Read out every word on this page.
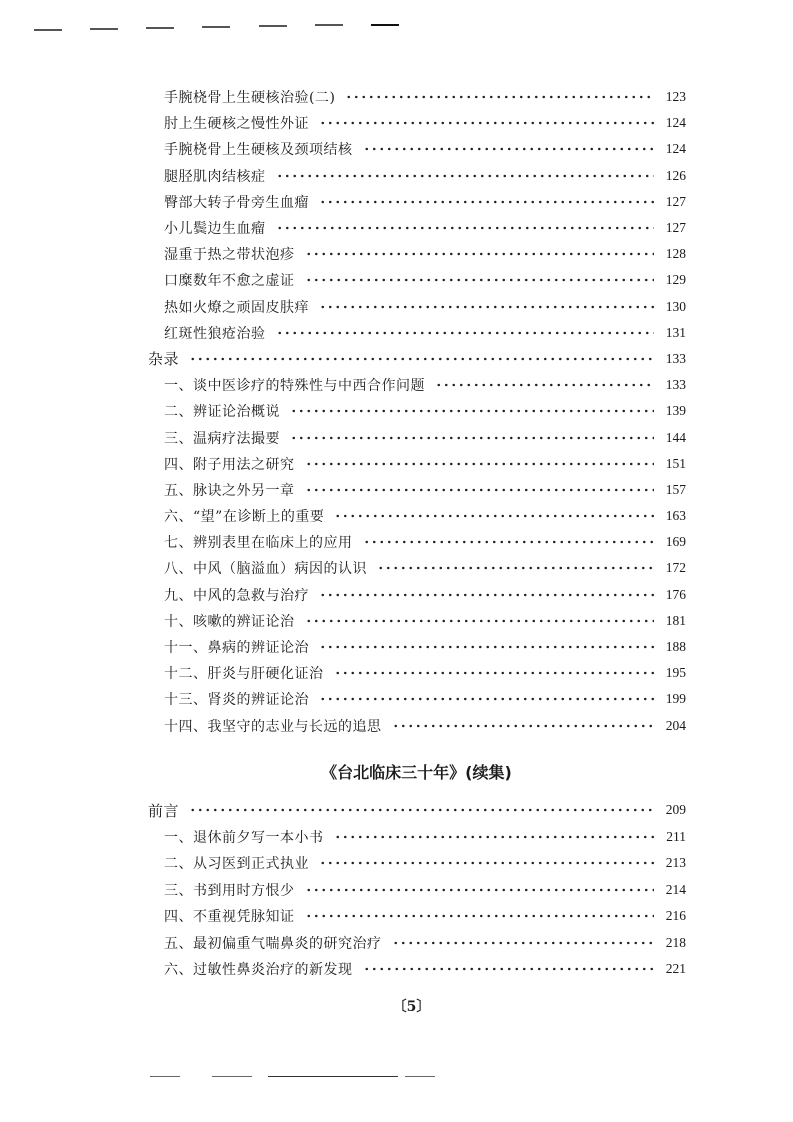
手腕桡骨上生硬核治验(二)	123
肘上生硬核之慢性外证	124
手腕桡骨上生硬核及颈项结核	124
腿胫肌肉结核症	126
臀部大转子骨旁生血瘤	127
小儿鬓边生血瘤	127
湿重于热之带状泡疹	128
口糜数年不愈之虚证	129
热如火燎之顽固皮肤痒	130
红斑性狼疮治验	131
杂录	133
一、谈中医诊疗的特殊性与中西合作问题	133
二、辨证论治概说	139
三、温病疗法撮要	144
四、附子用法之研究	151
五、脉诀之外另一章	157
六、“望”在诊断上的重要	163
七、辨别表里在临床上的应用	169
八、中风（脑溢血）病因的认识	172
九、中风的急救与治疗	176
十、咳嗽的辨证论治	181
十一、鼻病的辨证论治	188
十二、肝炎与肝硬化证治	195
十三、肾炎的辨证论治	199
十四、我坚守的志业与长远的追思	204
《台北临床三十年》(续集)
前言	209
一、退休前夕写一本小书	211
二、从习医到正式执业	213
三、书到用时方恨少	214
四、不重视凭脉知证	216
五、最初偏重气喘鼻炎的研究治疗	218
六、过敏性鼻炎治疗的新发现	221
〔5〕
